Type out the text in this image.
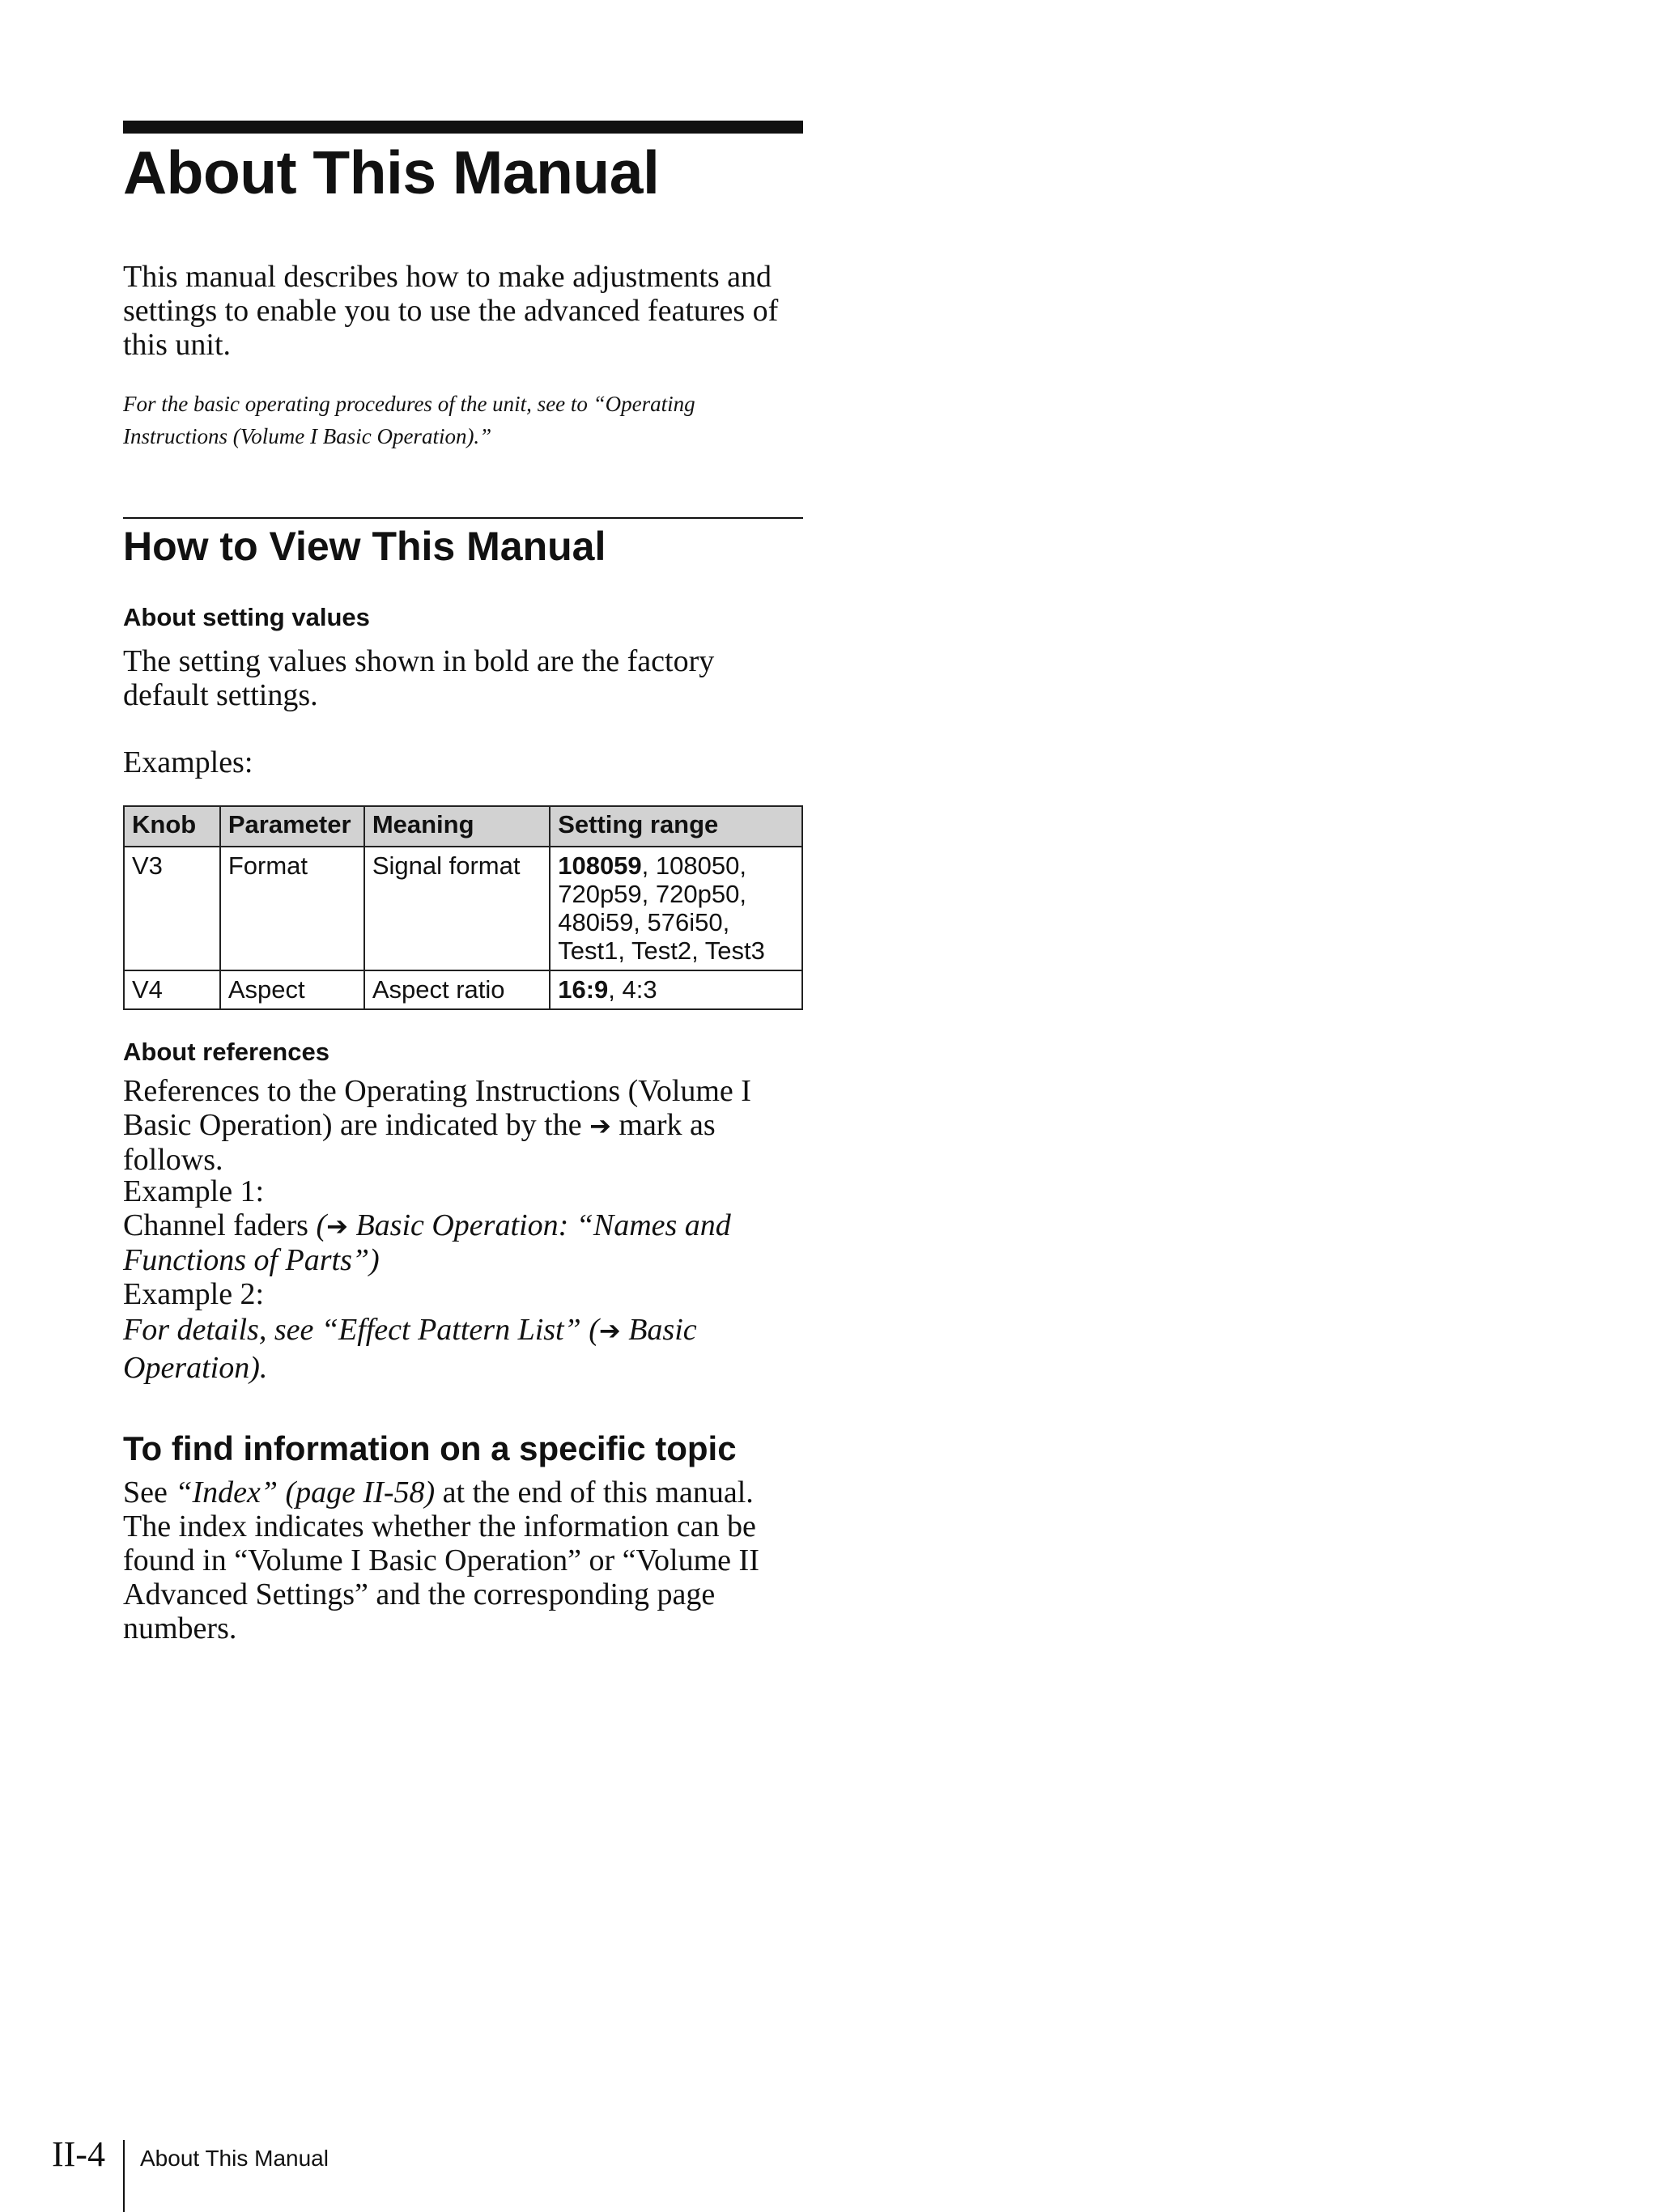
About This Manual

This manual describes how to make adjustments and settings to enable you to use the advanced features of this unit.

For the basic operating procedures of the unit, see to “Operating Instructions (Volume I Basic Operation).”

How to View This Manual
About setting values

The setting values shown in bold are the factory default settings.

Examples:

Knob	Parameter	Meaning	Setting range
V3	Format	Signal format	108059, 108050, 720p59, 720p50, 480i59, 576i50, Test1, Test2, Test3
V4	Aspect	Aspect ratio	16:9, 4:3
About references

References to the Operating Instructions (Volume I Basic Operation) are indicated by the ➔ mark as follows.

Example 1:

Channel faders (➔ Basic Operation: “Names and Functions of Parts”)

Example 2:

For details, see “Effect Pattern List” (➔ Basic Operation).

To find information on a specific topic

See “Index” (page II-58) at the end of this manual.

The index indicates whether the information can be found in “Volume I Basic Operation” or “Volume II Advanced Settings” and the corresponding page numbers.

II-4 About This Manual
